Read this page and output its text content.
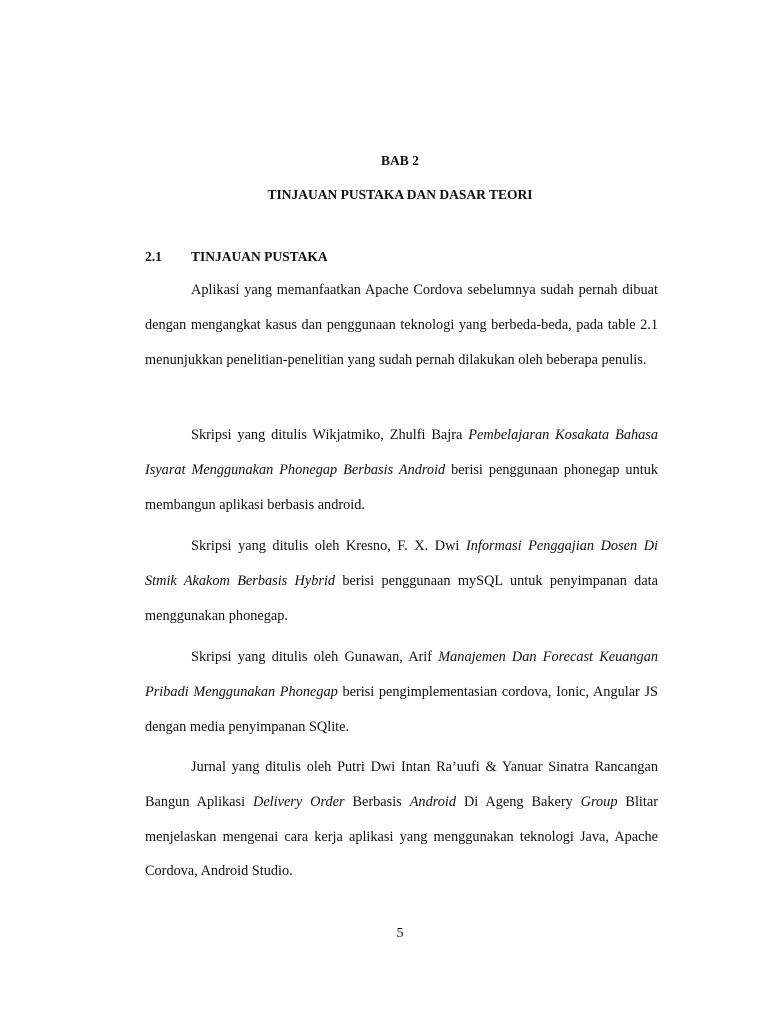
BAB 2
TINJAUAN PUSTAKA DAN DASAR TEORI
2.1 TINJAUAN PUSTAKA

Aplikasi yang memanfaatkan Apache Cordova sebelumnya sudah pernah dibuat dengan mengangkat kasus dan penggunaan teknologi yang berbeda-beda, pada table 2.1 menunjukkan penelitian-penelitian yang sudah pernah dilakukan oleh beberapa penulis.

Skripsi yang ditulis Wikjatmiko, Zhulfi Bajra Pembelajaran Kosakata Bahasa Isyarat Menggunakan Phonegap Berbasis Android berisi penggunaan phonegap untuk membangun aplikasi berbasis android.

Skripsi yang ditulis oleh Kresno, F. X. Dwi Informasi Penggajian Dosen Di Stmik Akakom Berbasis Hybrid berisi penggunaan mySQL untuk penyimpanan data menggunakan phonegap.

Skripsi yang ditulis oleh Gunawan, Arif Manajemen Dan Forecast Keuangan Pribadi Menggunakan Phonegap berisi pengimplementasian cordova, Ionic, Angular JS dengan media penyimpanan SQlite.

Jurnal yang ditulis oleh Putri Dwi Intan Ra’uufi & Yanuar Sinatra Rancangan Bangun Aplikasi Delivery Order Berbasis Android Di Ageng Bakery Group Blitar menjelaskan mengenai cara kerja aplikasi yang menggunakan teknologi Java, Apache Cordova, Android Studio.

5
